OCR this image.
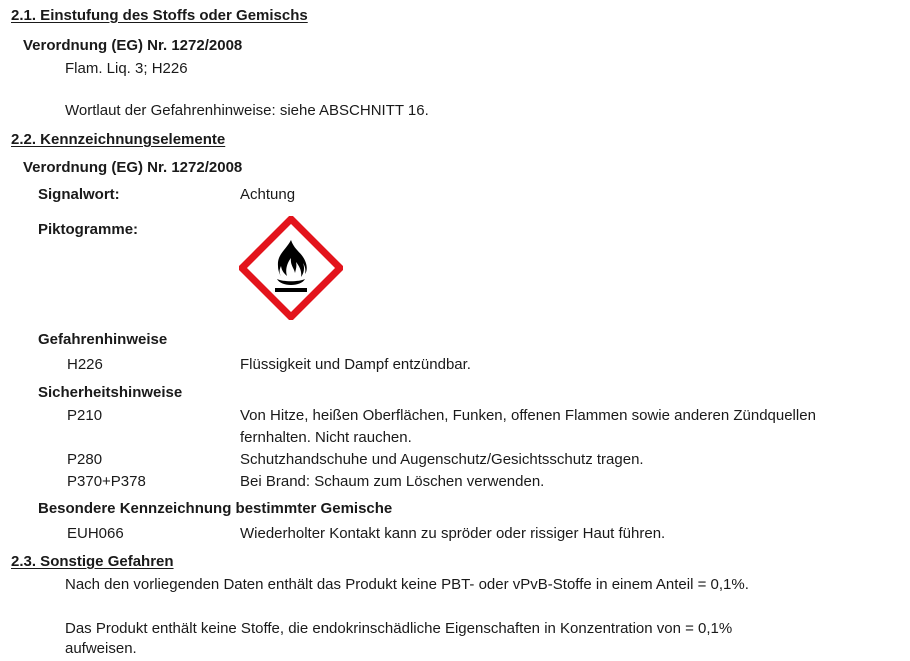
2.1. Einstufung des Stoffs oder Gemischs
Verordnung (EG) Nr. 1272/2008
Flam. Liq. 3; H226
Wortlaut der Gefahrenhinweise: siehe ABSCHNITT 16.
2.2. Kennzeichnungselemente
Verordnung (EG) Nr. 1272/2008
Signalwort:	Achtung
Piktogramme:
Gefahrenhinweise
H226	Flüssigkeit und Dampf entzündbar.
Sicherheitshinweise
P210	Von Hitze, heißen Oberflächen, Funken, offenen Flammen sowie anderen Zündquellen
fernhalten. Nicht rauchen.
P280	Schutzhandschuhe und Augenschutz/Gesichtsschutz tragen.
P370+P378	Bei Brand: Schaum zum Löschen verwenden.
Besondere Kennzeichnung bestimmter Gemische
EUH066	Wiederholter Kontakt kann zu spröder oder rissiger Haut führen.
2.3. Sonstige Gefahren
Nach den vorliegenden Daten enthält das Produkt keine PBT- oder vPvB-Stoffe in einem Anteil = 0,1%.
Das Produkt enthält keine Stoffe, die endokrinschädliche Eigenschaften in Konzentration von = 0,1%
aufweisen.
